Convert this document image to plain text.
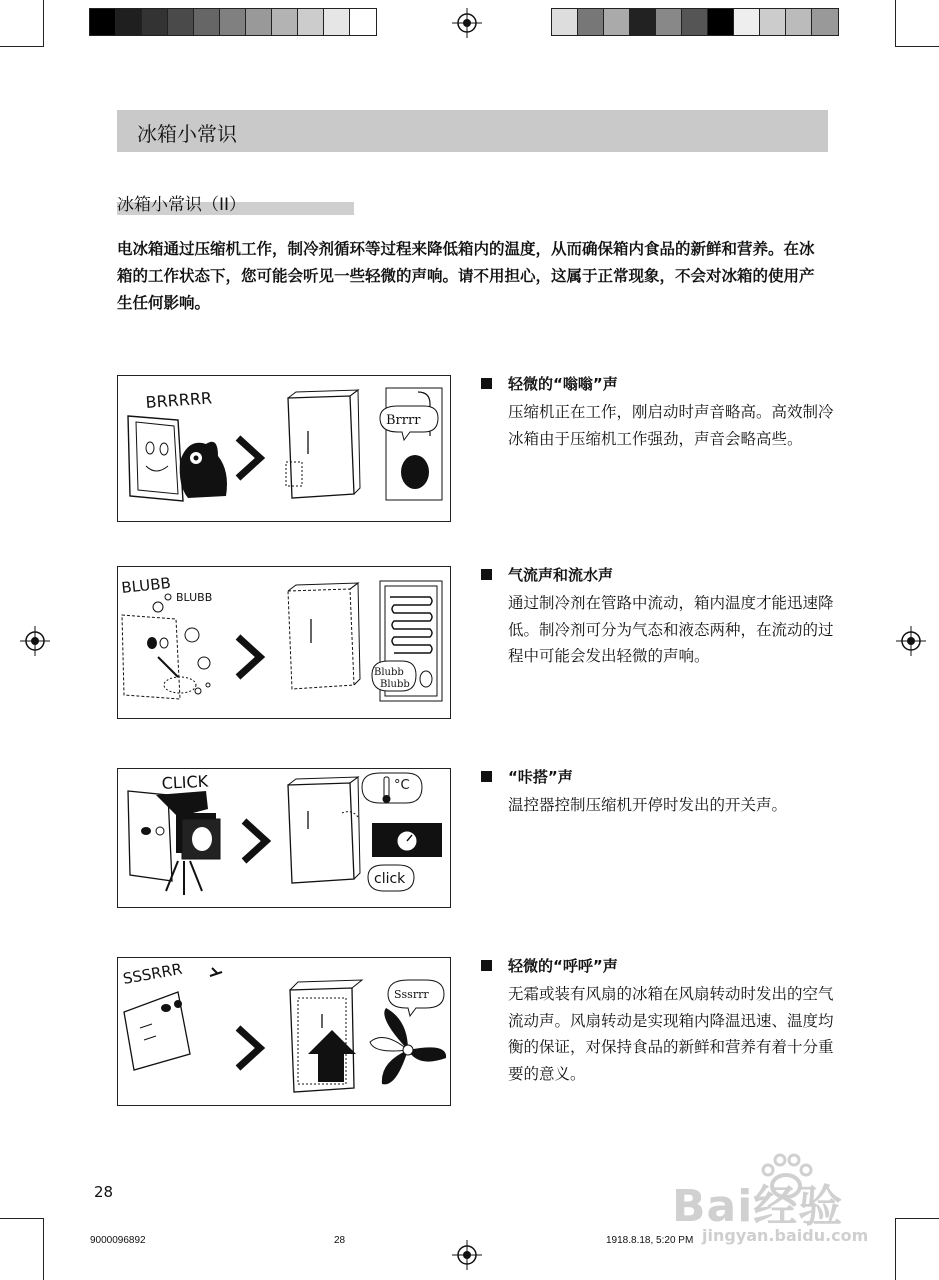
冰箱小常识
冰箱小常识（II）
电冰箱通过压缩机工作，制冷剂循环等过程来降低箱内的温度，从而确保箱内食品的新鲜和营养。在冰箱的工作状态下，您可能会听见一些轻微的声响。请不用担心，这属于正常现象，不会对冰箱的使用产生任何影响。
BRRRRR
Brrrr
轻微的“嗡嗡”声
压缩机正在工作，刚启动时声音略高。高效制冷冰箱由于压缩机工作强劲，声音会略高些。
BLUBB
BLUBB
Blubb
Blubb
气流声和流水声
通过制冷剂在管路中流动，箱内温度才能迅速降低。制冷剂可分为气态和液态两种，在流动的过程中可能会发出轻微的声响。
CLICK	°C
click
“咔搭”声
温控器控制压缩机开停时发出的开关声。
SSSRRR
Sssrrr
轻微的“呼呼”声
无霜或装有风扇的冰箱在风扇转动时发出的空气流动声。风扇转动是实现箱内降温迅速、温度均衡的保证，对保持食品的新鲜和营养有着十分重要的意义。
28
9000096892	28	1918.8.18, 5:20 PM
Bai经验
jingyan.baidu.com
